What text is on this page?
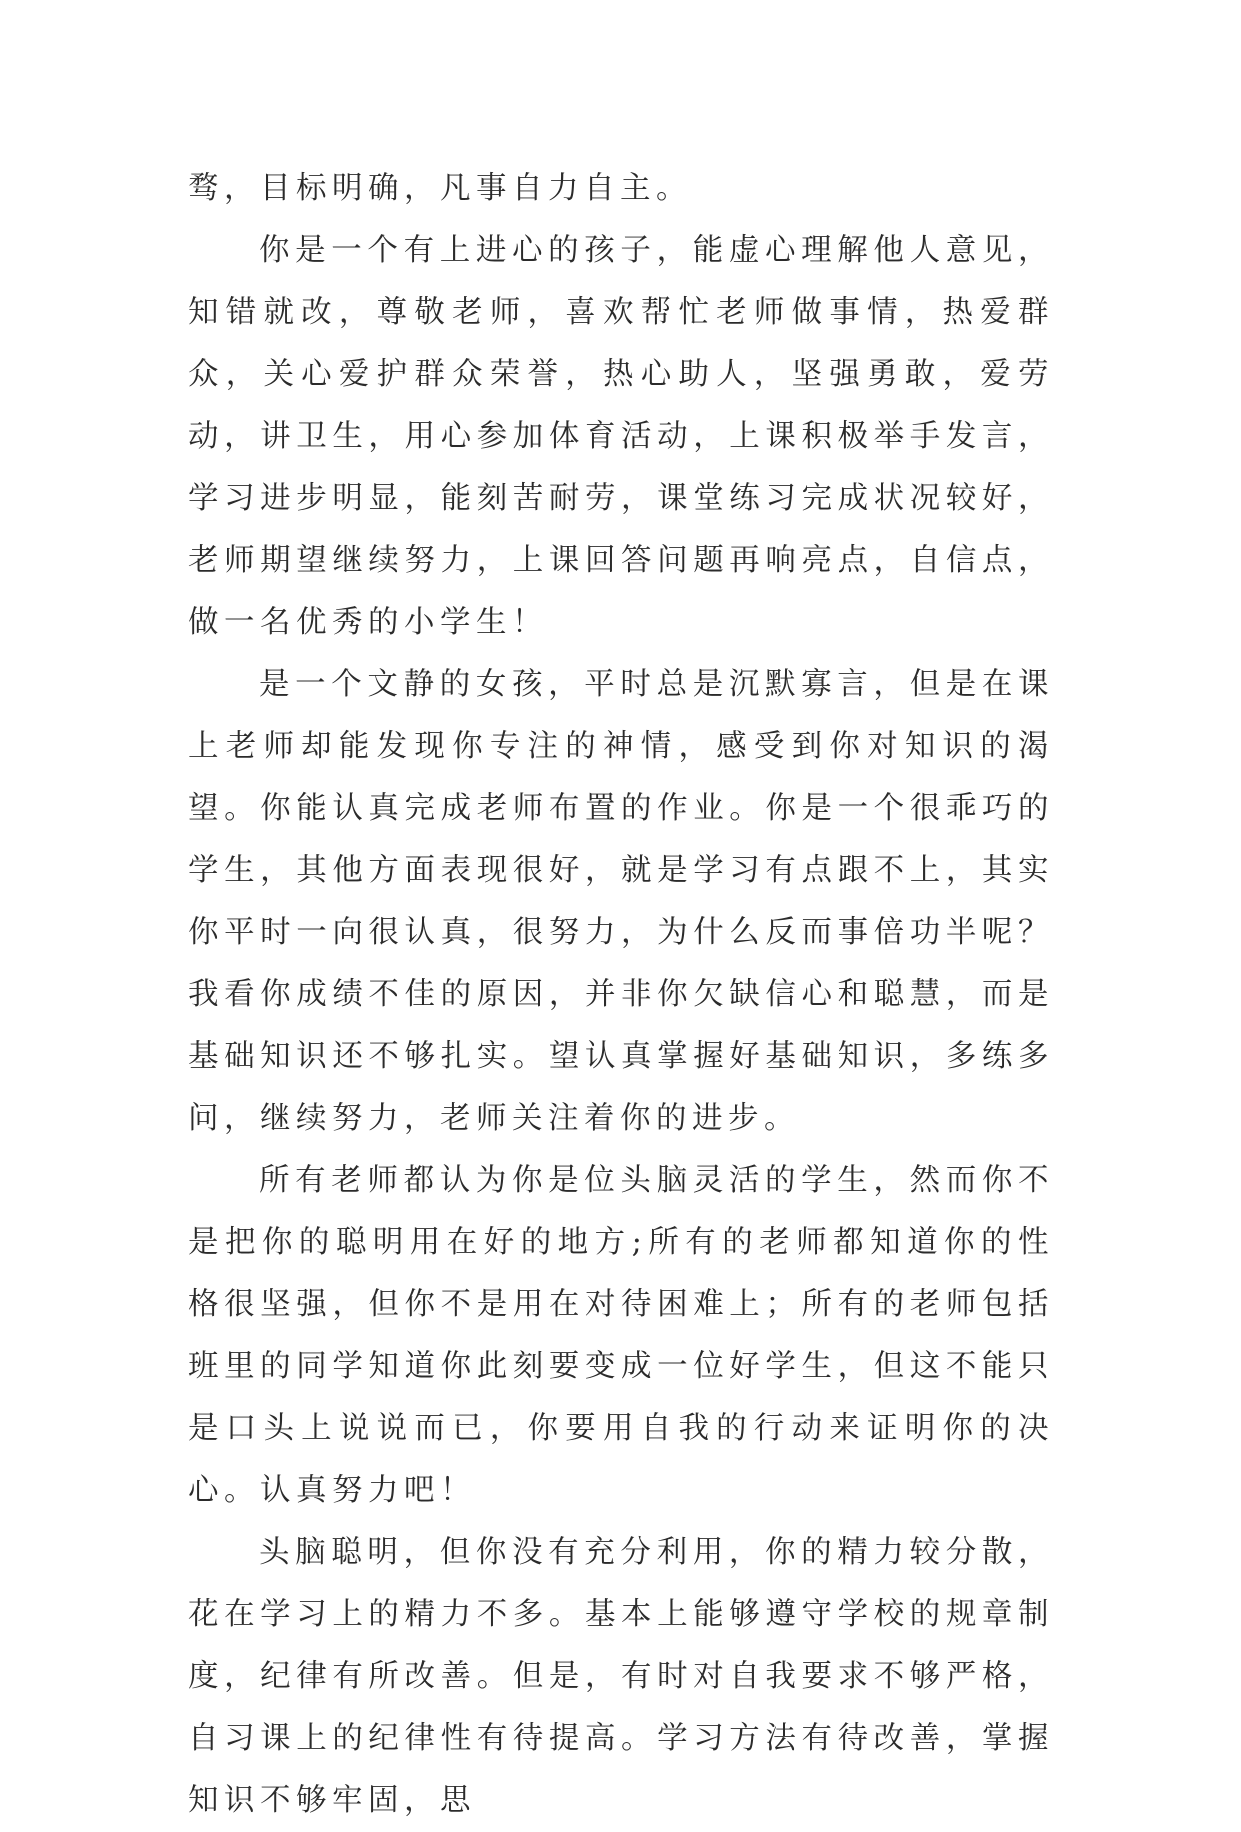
骛，目标明确，凡事自力自主。

你是一个有上进心的孩子，能虚心理解他人意见，知错就改，尊敬老师，喜欢帮忙老师做事情，热爱群众，关心爱护群众荣誉，热心助人，坚强勇敢，爱劳动，讲卫生，用心参加体育活动，上课积极举手发言，学习进步明显，能刻苦耐劳，课堂练习完成状况较好，老师期望继续努力，上课回答问题再响亮点，自信点，做一名优秀的小学生！

是一个文静的女孩，平时总是沉默寡言，但是在课上老师却能发现你专注的神情，感受到你对知识的渴望。你能认真完成老师布置的作业。你是一个很乖巧的学生，其他方面表现很好，就是学习有点跟不上，其实你平时一向很认真，很努力，为什么反而事倍功半呢？我看你成绩不佳的原因，并非你欠缺信心和聪慧，而是基础知识还不够扎实。望认真掌握好基础知识，多练多问，继续努力，老师关注着你的进步。

所有老师都认为你是位头脑灵活的学生，然而你不是把你的聪明用在好的地方;所有的老师都知道你的性格很坚强，但你不是用在对待困难上；所有的老师包括班里的同学知道你此刻要变成一位好学生，但这不能只是口头上说说而已，你要用自我的行动来证明你的决心。认真努力吧！

头脑聪明，但你没有充分利用，你的精力较分散，花在学习上的精力不多。基本上能够遵守学校的规章制度，纪律有所改善。但是，有时对自我要求不够严格，自习课上的纪律性有待提高。学习方法有待改善，掌握知识不够牢固，思
